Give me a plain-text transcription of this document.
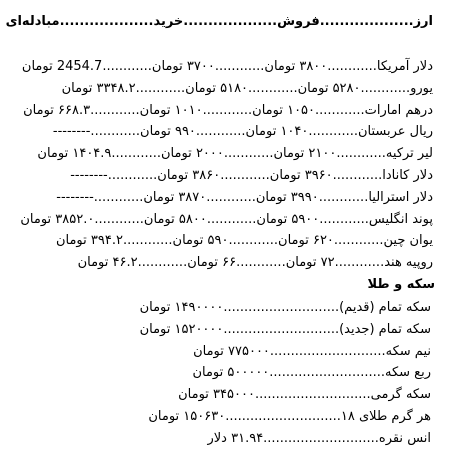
ارز...................فروش...................خرید...................مبادله‌ای
دلار آمریکا............۳۸۰۰ تومان............۳۷۰۰ تومان............2454.7 تومان
یورو............۵۲۸۰ تومان............۵۱۸۰ تومان............۳۳۴۸.۲ تومان
درهم امارات............۱۰۵۰ تومان............۱۰۱۰ تومان............۶۶۸.۳ تومان
ریال عربستان............۱۰۴۰ تومان............۹۹۰ تومان............--------
لیر ترکیه............۲۱۰۰ تومان............۲۰۰۰ تومان............۱۴۰۴.۹ تومان
دلار کانادا............۳۹۶۰ تومان............۳۸۶۰ تومان............--------
دلار استرالیا............۳۹۹۰ تومان............۳۸۷۰ تومان............--------
پوند انگلیس............۵۹۰۰ تومان............۵۸۰۰ تومان............۳۸۵۲.۰ تومان
یوان چین............۶۲۰ تومان............۵۹۰ تومان............۳۹۴.۲ تومان
روپیه هند............۷۲ تومان............۶۶ تومان............۴۶.۲ تومان
سکه و طلا
سکه تمام (قدیم)............................۱۴۹۰۰۰۰ تومان
سکه تمام (جدید)............................۱۵۲۰۰۰۰ تومان
نیم سکه............................۷۷۵۰۰۰ تومان
ربع سکه............................۵۰۰۰۰۰ تومان
سکه گرمی............................۳۴۵۰۰۰ تومان
هر گرم طلای ۱۸............................۱۵۰۶۳۰ تومان
انس نقره............................۳۱.۹۴ دلار
